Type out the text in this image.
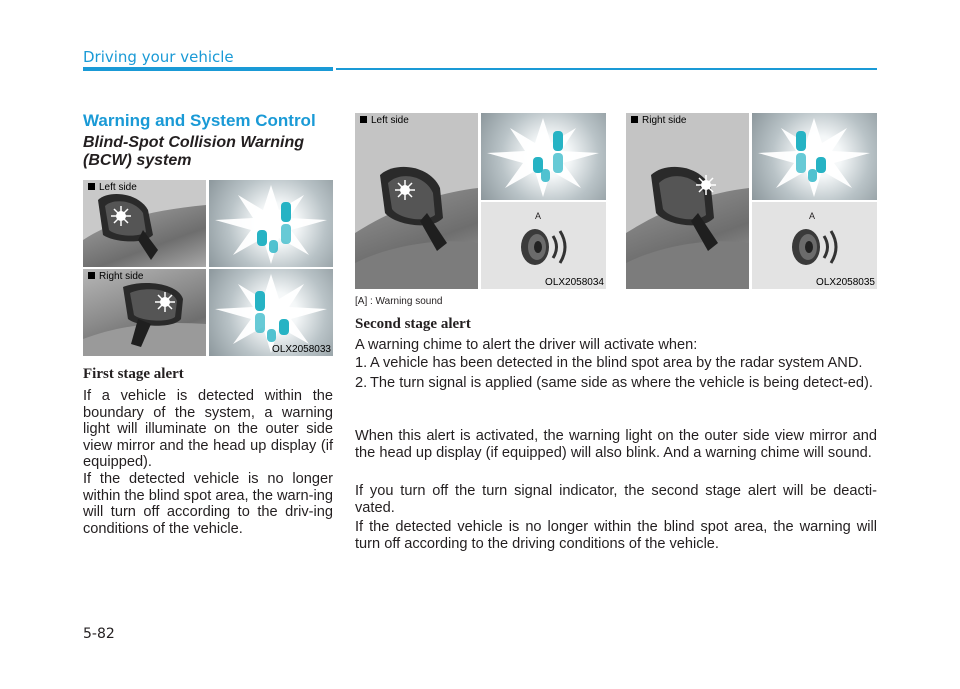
Driving your vehicle
Warning and System Control
Blind-Spot Collision Warning (BCW) system
Left side
Right side
OLX2058033
First stage alert
If a vehicle is detected within the boundary of the system, a warning light will illuminate on the outer side view mirror and the head up display (if equipped).
If the detected vehicle is no longer within the blind spot area, the warn-ing will turn off according to the driv-ing conditions of the vehicle.
A
OLX2058034
Left side
A
OLX2058035
Right side
[A] : Warning sound
Second stage alert
A warning chime to alert the driver will activate when:
1. A vehicle has been detected in the blind spot area by the radar system AND.
2. The turn signal is applied (same side as where the vehicle is being detect-ed).
When this alert is activated, the warning light on the outer side view mirror and the head up display (if equipped) will also blink. And a warning chime will sound.
If you turn off the turn signal indicator, the second stage alert will be deacti-vated.
If the detected vehicle is no longer within the blind spot area, the warning will turn off according to the driving conditions of the vehicle.
5-82
